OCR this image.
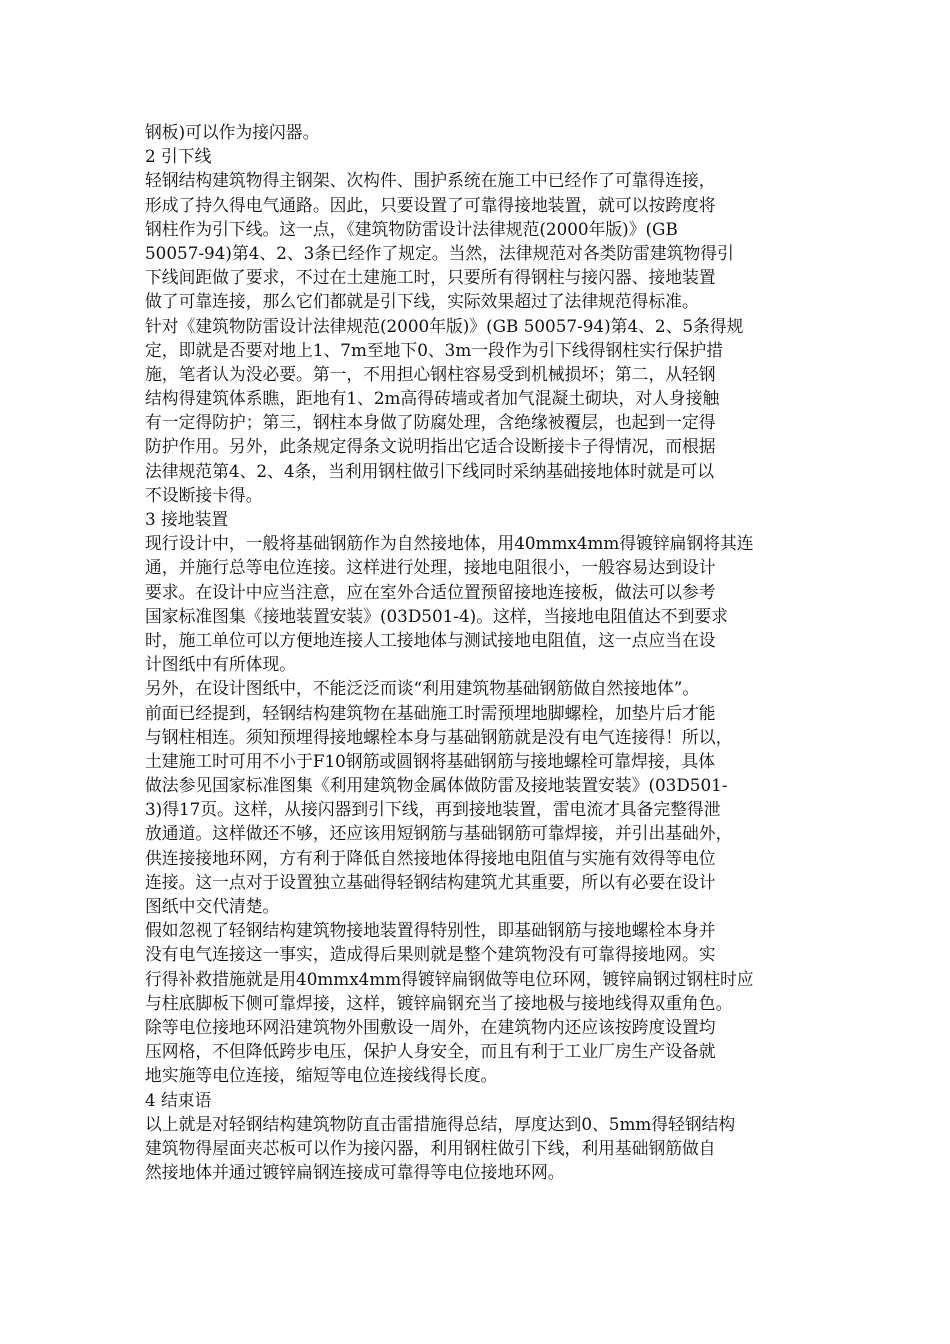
钢板)可以作为接闪器。
2 引下线
轻钢结构建筑物得主钢架、次构件、围护系统在施工中已经作了可靠得连接，
形成了持久得电气通路。因此，只要设置了可靠得接地装置，就可以按跨度将
钢柱作为引下线。这一点，《建筑物防雷设计法律规范(2000年版)》(GB
50057-94)第4、2、3条已经作了规定。当然，法律规范对各类防雷建筑物得引
下线间距做了要求，不过在土建施工时，只要所有得钢柱与接闪器、接地装置
做了可靠连接，那么它们都就是引下线，实际效果超过了法律规范得标准。
针对《建筑物防雷设计法律规范(2000年版)》(GB 50057-94)第4、2、5条得规
定，即就是否要对地上1、7m至地下0、3m一段作为引下线得钢柱实行保护措
施，笔者认为没必要。第一，不用担心钢柱容易受到机械损坏；第二，从轻钢
结构得建筑体系瞧，距地有1、2m高得砖墙或者加气混凝土砌块，对人身接触
有一定得防护；第三，钢柱本身做了防腐处理，含绝缘被覆层，也起到一定得
防护作用。另外，此条规定得条文说明指出它适合设断接卡子得情况，而根据
法律规范第4、2、4条，当利用钢柱做引下线同时采纳基础接地体时就是可以
不设断接卡得。
3 接地装置
现行设计中，一般将基础钢筋作为自然接地体，用40mmx4mm得镀锌扁钢将其连
通，并施行总等电位连接。这样进行处理，接地电阻很小，一般容易达到设计
要求。在设计中应当注意，应在室外合适位置预留接地连接板，做法可以参考
国家标准图集《接地装置安装》(03D501-4)。这样，当接地电阻值达不到要求
时，施工单位可以方便地连接人工接地体与测试接地电阻值，这一点应当在设
计图纸中有所体现。
另外，在设计图纸中，不能泛泛而谈“利用建筑物基础钢筋做自然接地体”。
前面已经提到，轻钢结构建筑物在基础施工时需预埋地脚螺栓，加垫片后才能
与钢柱相连。须知预埋得接地螺栓本身与基础钢筋就是没有电气连接得！所以，
土建施工时可用不小于F10钢筋或圆钢将基础钢筋与接地螺栓可靠焊接，具体
做法参见国家标准图集《利用建筑物金属体做防雷及接地装置安装》(03D501-
3)得17页。这样，从接闪器到引下线，再到接地装置，雷电流才具备完整得泄
放通道。这样做还不够，还应该用短钢筋与基础钢筋可靠焊接，并引出基础外，
供连接接地环网，方有利于降低自然接地体得接地电阻值与实施有效得等电位
连接。这一点对于设置独立基础得轻钢结构建筑尤其重要，所以有必要在设计
图纸中交代清楚。
假如忽视了轻钢结构建筑物接地装置得特别性，即基础钢筋与接地螺栓本身并
没有电气连接这一事实，造成得后果则就是整个建筑物没有可靠得接地网。实
行得补救措施就是用40mmx4mm得镀锌扁钢做等电位环网，镀锌扁钢过钢柱时应
与柱底脚板下侧可靠焊接，这样，镀锌扁钢充当了接地极与接地线得双重角色。
除等电位接地环网沿建筑物外围敷设一周外，在建筑物内还应该按跨度设置均
压网格，不但降低跨步电压，保护人身安全，而且有利于工业厂房生产设备就
地实施等电位连接，缩短等电位连接线得长度。
4 结束语
以上就是对轻钢结构建筑物防直击雷措施得总结，厚度达到0、5mm得轻钢结构
建筑物得屋面夹芯板可以作为接闪器，利用钢柱做引下线，利用基础钢筋做自
然接地体并通过镀锌扁钢连接成可靠得等电位接地环网。
